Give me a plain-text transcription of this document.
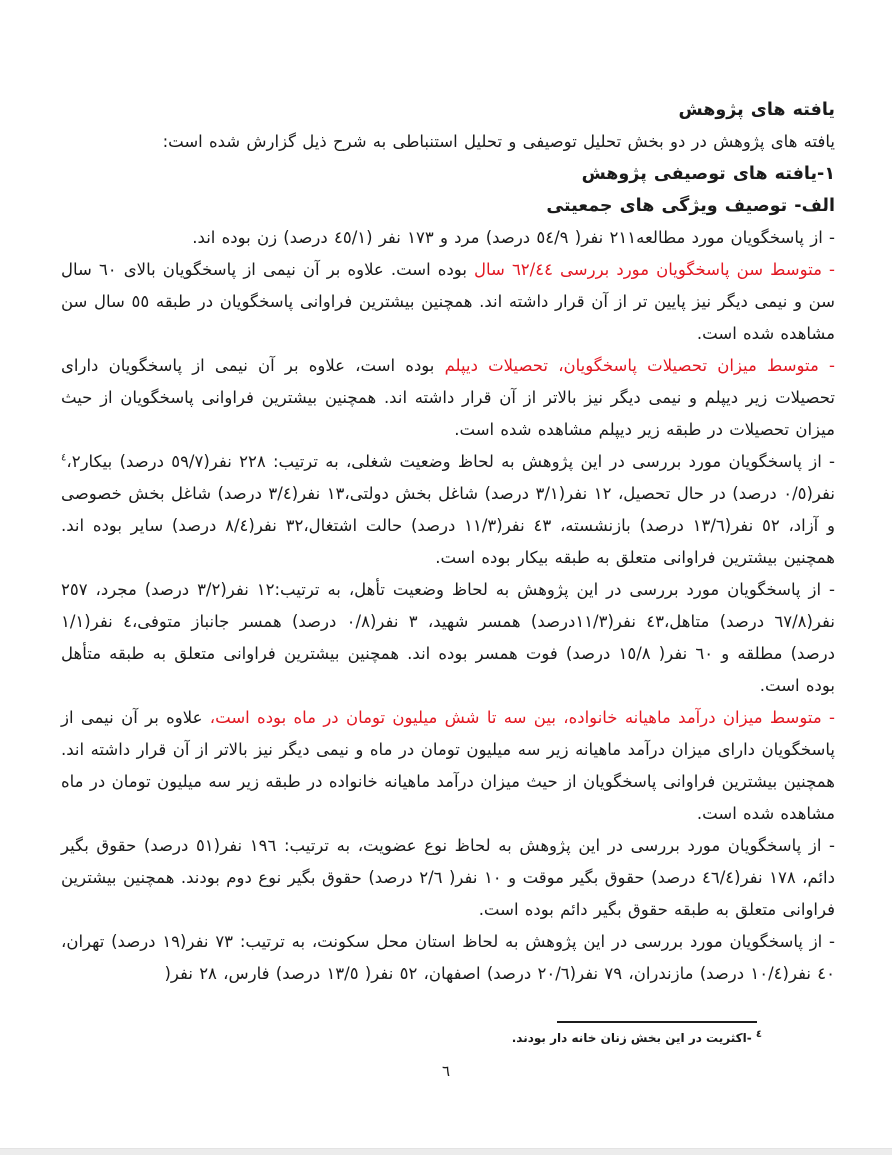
یافته های پژوهش

یافته های پژوهش در دو بخش تحلیل توصیفی و تحلیل استنباطی به شرح ذیل گزارش شده است:

١-یافته های توصیفی پژوهش
الف- توصیف ویژگی های جمعیتی

- از پاسخگویان مورد مطالعه٢١١ نفر( ٥٤/٩ درصد) مرد و ١٧٣ نفر (٤٥/١ درصد) زن بوده اند.

- متوسط سن پاسخگویان مورد بررسی ٦٢/٤٤ سال بوده است. علاوه بر آن نیمی از پاسخگویان بالای ٦٠ سال سن و نیمی دیگر نیز پایین تر از آن قرار داشته اند. همچنین بیشترین فراوانی پاسخگویان در طبقه ٥٥ سال سن مشاهده شده است.

- متوسط میزان تحصیلات پاسخگویان، تحصیلات دیپلم بوده است، علاوه بر آن نیمی از پاسخگویان دارای تحصیلات زیر دیپلم و نیمی دیگر نیز بالاتر از آن قرار داشته اند. همچنین بیشترین فراوانی پاسخگویان از حیث میزان تحصیلات در طبقه زیر دیپلم مشاهده شده است.

- از پاسخگویان مورد بررسی در این پژوهش به لحاظ وضعیت شغلی، به ترتیب: ٢٢٨ نفر(٥٩/٧ درصد) بیکار$^٤$،٢ نفر(٠/٥ درصد) در حال تحصیل، ١٢ نفر(٣/١ درصد) شاغل بخش دولتی،١٣ نفر(٣/٤ درصد) شاغل بخش خصوصی و آزاد، ٥٢ نفر(١٣/٦ درصد) بازنشسته، ٤٣ نفر(١١/٣ درصد) حالت اشتغال،٣٢ نفر(٨/٤ درصد) سایر بوده اند. همچنین بیشترین فراوانی متعلق به طبقه بیکار بوده است.

- از پاسخگویان مورد بررسی در این پژوهش به لحاظ وضعیت تأهل، به ترتیب:١٢ نفر(٣/٢ درصد) مجرد، ٢٥٧ نفر(٦٧/٨ درصد) متاهل،٤٣ نفر(١١/٣درصد) همسر شهید، ٣ نفر(٠/٨ درصد) همسر جانباز متوفی،٤ نفر(١/١ درصد) مطلقه و ٦٠ نفر( ١٥/٨ درصد) فوت همسر بوده اند. همچنین بیشترین فراوانی متعلق به طبقه متأهل بوده است.

- متوسط میزان درآمد ماهیانه خانواده، بین سه تا شش میلیون تومان در ماه بوده است، علاوه بر آن نیمی از پاسخگویان دارای میزان درآمد ماهیانه زیر سه میلیون تومان در ماه و نیمی دیگر نیز بالاتر از آن قرار داشته اند. همچنین بیشترین فراوانی پاسخگویان از حیث میزان درآمد ماهیانه خانواده در طبقه زیر سه میلیون تومان در ماه مشاهده شده است.

- از پاسخگویان مورد بررسی در این پژوهش به لحاظ نوع عضویت، به ترتیب: ١٩٦ نفر(٥١ درصد) حقوق بگیر دائم، ١٧٨ نفر(٤٦/٤ درصد) حقوق بگیر موقت و ١٠ نفر( ٢/٦ درصد) حقوق بگیر نوع دوم بودند. همچنین بیشترین فراوانی متعلق به طبقه حقوق بگیر دائم بوده است.

- از پاسخگویان مورد بررسی در این پژوهش به لحاظ استان محل سکونت، به ترتیب: ٧٣ نفر(١٩ درصد) تهران، ٤٠ نفر(١٠/٤ درصد) مازندران، ٧٩ نفر(٢٠/٦ درصد) اصفهان، ٥٢ نفر( ١٣/٥ درصد) فارس، ٢٨ نفر(

$^٤$ -اکثریت در این بخش زنان خانه دار بودند.
٦
